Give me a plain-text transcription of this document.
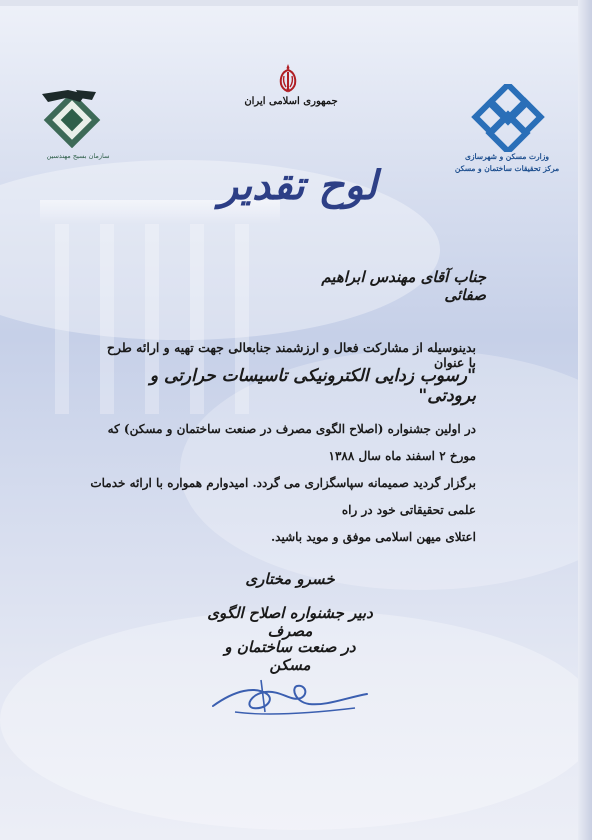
جمهوری اسلامی ایران
سازمان بسیج مهندسین	وزارت مسکن و شهرسازی
مرکز تحقیقات ساختمان و مسکن
لوح تقدیر
جناب آقای مهندس ابراهیم صفائی
بدینوسیله از مشارکت فعال و ارزشمند جنابعالی جهت تهیه و ارائه طرح با عنوان
"رسوب زدایی الکترونیکی تاسیسات حرارتی و برودتی"
در اولین جشنواره (اصلاح الگوی مصرف در صنعت ساختمان و مسکن) که مورخ ۲ اسفند ماه سال ۱۳۸۸
برگزار گردید صمیمانه سپاسگزاری می گردد. امیدوارم همواره با ارائه خدمات علمی تحقیقاتی خود در راه
اعتلای میهن اسلامی موفق و موید باشید.
خسرو مختاری
دبیر جشنواره اصلاح الگوی مصرف
در صنعت ساختمان و مسکن
